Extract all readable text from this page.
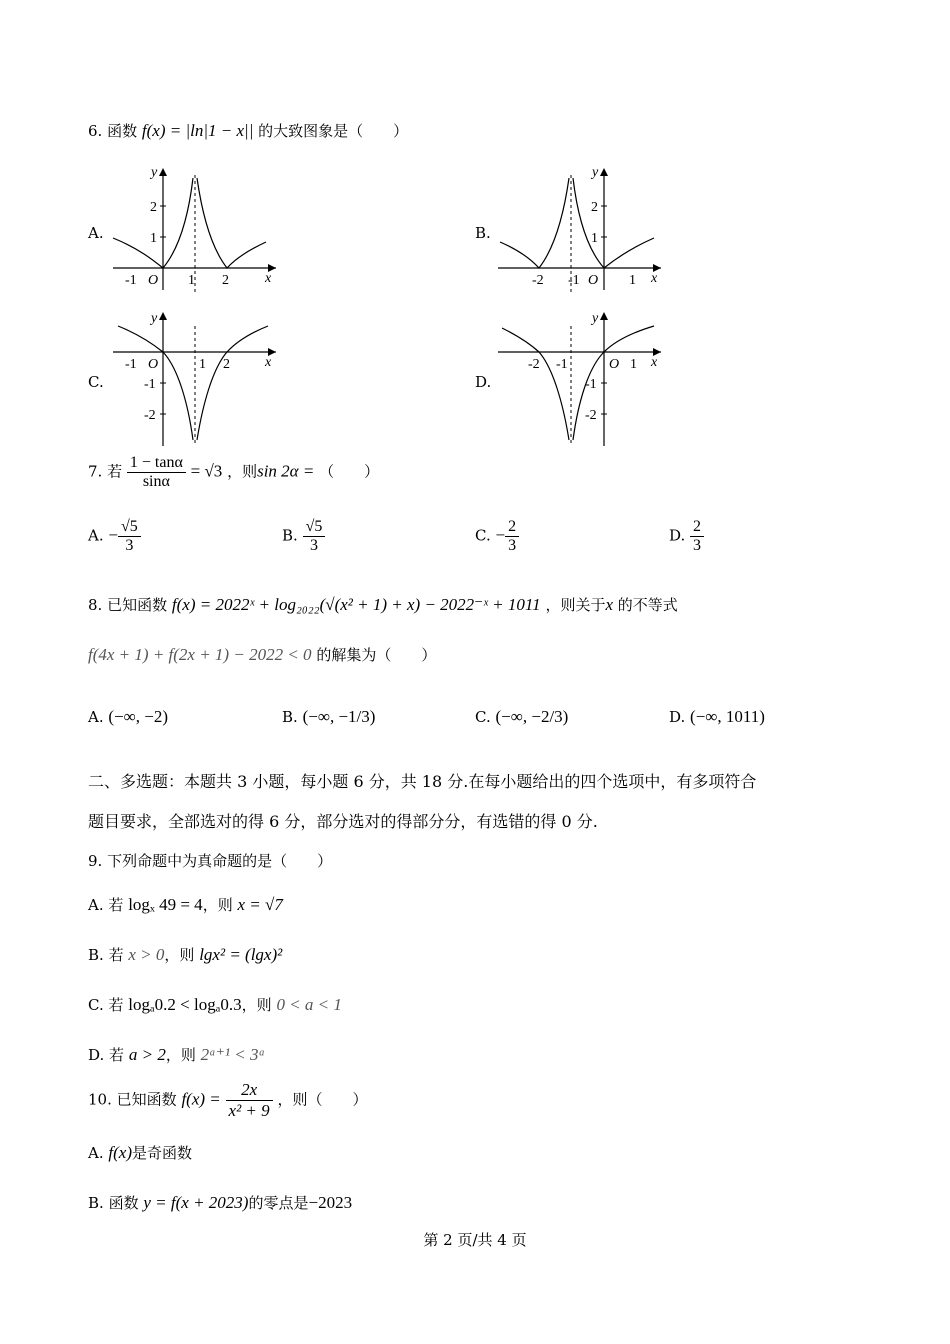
6. 函数 f(x) = |ln|1 − x|| 的大致图象是（　　）
A.
-1 O 1 2	x
y
2
1	B.
-2 -1 O 1 x
y
2
1
C.
-1 O	1 2	x
y
-1
-2
D.
-2 -1	O 1 x
y
-1
-2
7. 若 $\frac{1 - \tan\alpha}{\sin\alpha} = √3$ ，则sin 2α = （　　）
A. − $\frac{√5}{3}$	B. $\frac{√5}{3}$	C. − $\frac{2}{3}$	D. $\frac{2}{3}$
8. 已知函数 f(x) = 2022ˣ + log₂₀₂₂(√(x² + 1) + x) − 2022⁻ˣ + 1011 ，则关于x 的不等式
f(4x + 1) + f(2x + 1) − 2022 < 0 的解集为（　　）
A. (−∞, −2)	B. (−∞, −1/3)	C. (−∞, −2/3)	D. (−∞, 1011)
二、多选题：本题共 3 小题，每小题 6 分，共 18 分.在每小题给出的四个选项中，有多项符合
题目要求，全部选对的得 6 分，部分选对的得部分分，有选错的得 0 分.
9. 下列命题中为真命题的是（　　）
A. 若 logₓ 49 = 4，则 x = √7
B. 若 x > 0，则 lgx² = (lgx)²
C. 若 logₐ0.2 < logₐ0.3，则 0 < a < 1
D. 若 a > 2，则 2ᵃ⁺¹ < 3ᵃ
10. 已知函数 $f(x) = \frac{2x}{\text{x² + 9}}$ ，则（　　）
A. f(x)是奇函数
B. 函数 y = f(x + 2023)的零点是−2023
第 2 页/共 4 页
